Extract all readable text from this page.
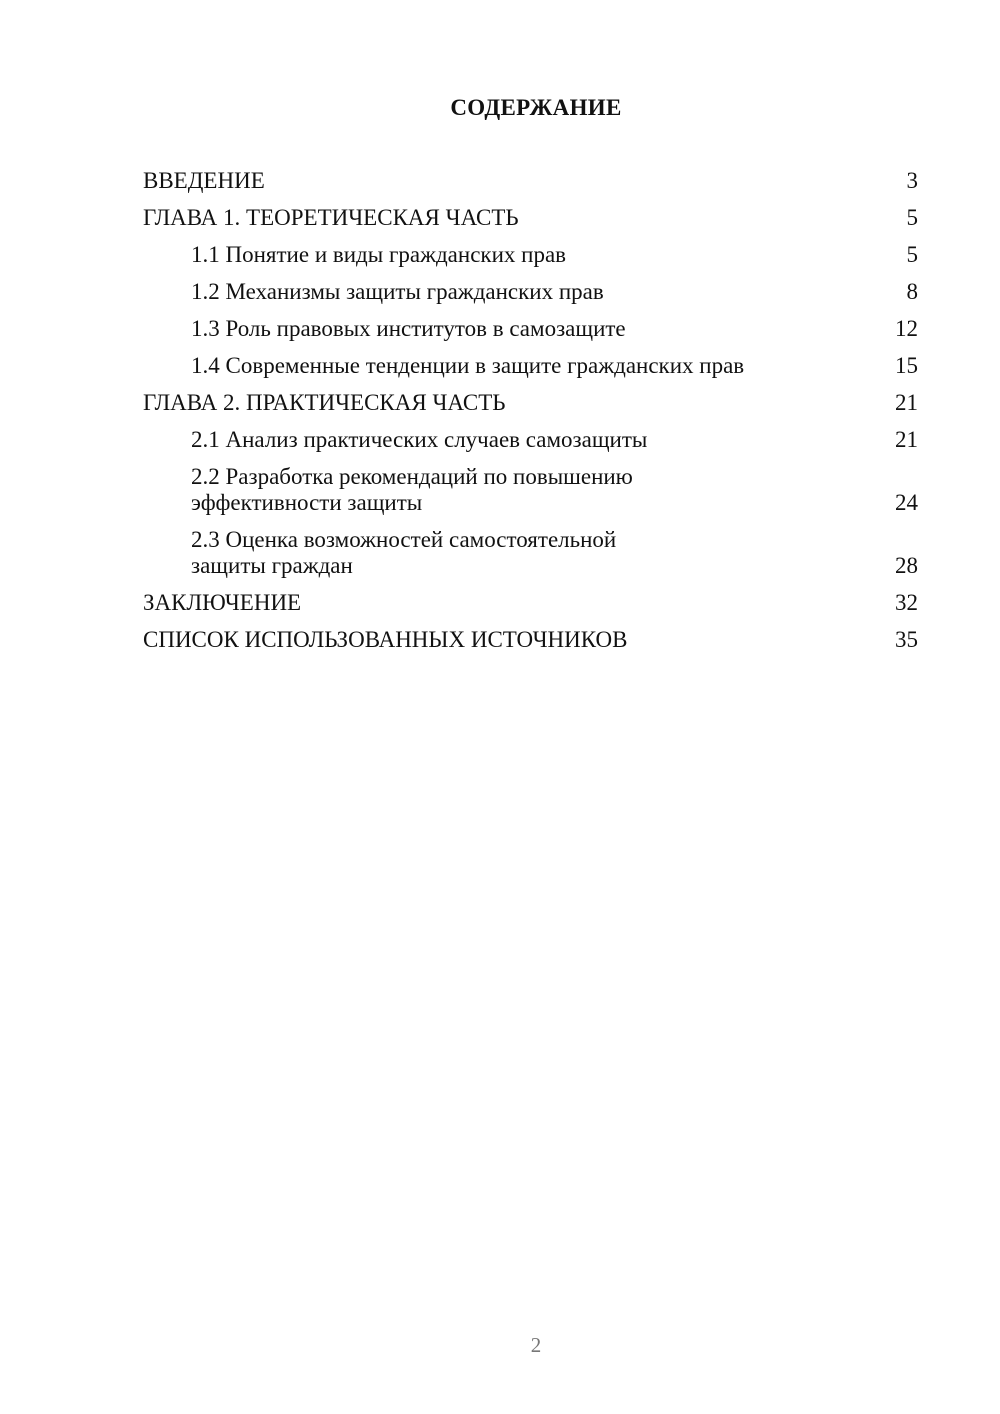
СОДЕРЖАНИЕ
ВВЕДЕНИЕ	3
ГЛАВА 1. ТЕОРЕТИЧЕСКАЯ ЧАСТЬ	5
1.1 Понятие и виды гражданских прав	5
1.2 Механизмы защиты гражданских прав	8
1.3 Роль правовых институтов в самозащите	12
1.4 Современные тенденции в защите гражданских прав	15
ГЛАВА 2. ПРАКТИЧЕСКАЯ ЧАСТЬ	21
2.1 Анализ практических случаев самозащиты	21
2.2 Разработка рекомендаций по повышению эффективности защиты	24
2.3 Оценка возможностей самостоятельной защиты граждан	28
ЗАКЛЮЧЕНИЕ	32
СПИСОК ИСПОЛЬЗОВАННЫХ ИСТОЧНИКОВ	35
2
